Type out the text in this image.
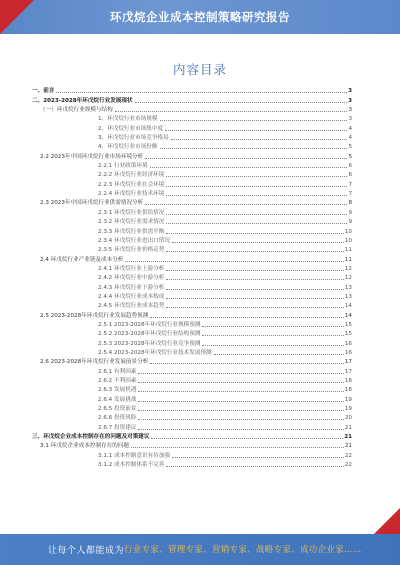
环戊烷企业成本控制策略研究报告
内容目录
一、前言	3
二、2023-2028年环戊烷行业发展现状	3
（一）环戊烷行业规模与结构	3
1、环戊烷行业市场规模	3
2、环戊烷行业市场集中度	4
3、环戊烷行业市场竞争格局	4
4、环戊烷行业市场份额	5
2.2 2023年中国环戊烷行业市场环境分析	5
2.2.1 行业政策环境	6
2.2.2 环戊烷行业经济环境	6
2.2.3 环戊烷行业社会环境	7
2.2.4 环戊烷行业技术环境	7
2.3 2023年中国环戊烷行业供需情况分析	8
2.3.1 环戊烷行业供给情况	9
2.3.2 环戊烷行业需求情况	9
2.3.3 环戊烷行业供需平衡	10
2.3.4 环戊烷行业进出口情况	10
2.3.5 环戊烷行业价格走势	11
2.4 环戊烷行业产业链及成本分析	11
2.4.1 环戊烷行业上游分析	12
2.4.2 环戊烷行业中游分析	12
2.4.3 环戊烷行业下游分析	13
2.4.4 环戊烷行业成本构成	13
2.4.5 环戊烷行业成本趋势	14
2.5 2023-2028年环戊烷行业发展趋势预测	14
2.5.1 2023-2028年环戊烷行业规模预测	15
2.5.2 2023-2028年环戊烷行业结构预测	15
2.5.3 2023-2028年环戊烷行业竞争预测	16
2.5.4 2023-2028年环戊烷行业技术发展预测	16
2.6 2023-2028年环戊烷行业发展前景分析	17
2.6.1 有利因素	17
2.6.2 不利因素	18
2.6.3 发展机遇	18
2.6.4 发展挑战	19
2.6.5 投资前景	19
2.6.6 投资风险	20
2.6.7 投资建议	21
三、环戊烷企业成本控制存在的问题及对策建议	21
3.1 环戊烷企业成本控制存在的问题	21
3.1.1 成本控制意识有待加强	22
3.1.2 成本控制体系不完善	22
让每个人都能成为 行业专家、管理专家、营销专家、战略专家、成功企业家……
